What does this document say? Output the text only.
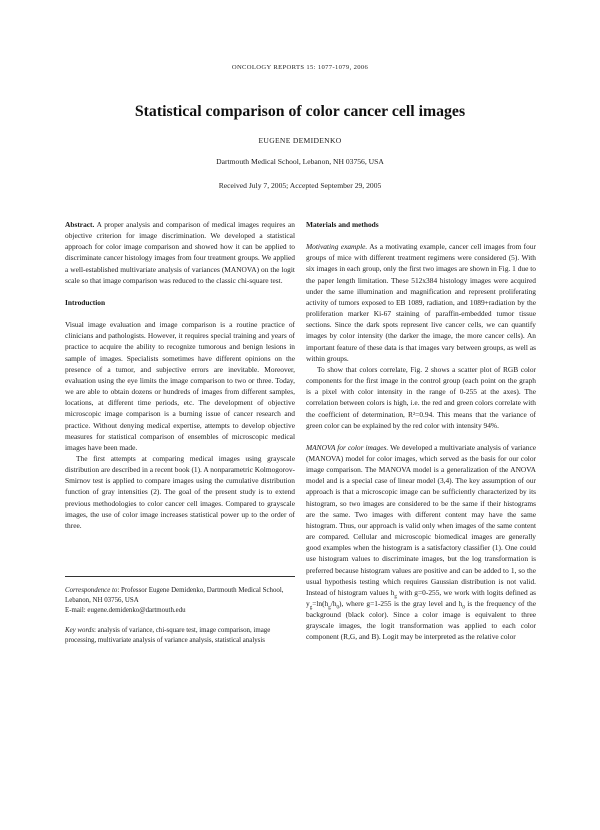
ONCOLOGY REPORTS 15: 1077-1079, 2006
Statistical comparison of color cancer cell images
EUGENE DEMIDENKO
Dartmouth Medical School, Lebanon, NH 03756, USA
Received July 7, 2005; Accepted September 29, 2005

Abstract. A proper analysis and comparison of medical images requires an objective criterion for image discrimination. We developed a statistical approach for color image comparison and showed how it can be applied to discriminate cancer histology images from four treatment groups. We applied a well-established multivariate analysis of variances (MANOVA) on the logit scale so that image comparison was reduced to the classic chi-square test.

Introduction

Visual image evaluation and image comparison is a routine practice of clinicians and pathologists. However, it requires special training and years of practice to acquire the ability to recognize tumorous and benign lesions in sample of images. Specialists sometimes have different opinions on the presence of a tumor, and subjective errors are inevitable. Moreover, evaluation using the eye limits the image comparison to two or three. Today, we are able to obtain dozens or hundreds of images from different samples, locations, at different time periods, etc. The development of objective microscopic image comparison is a burning issue of cancer research and practice. Without denying medical expertise, attempts to develop objective measures for statistical comparison of ensembles of microscopic medical images have been made.

The first attempts at comparing medical images using grayscale distribution are described in a recent book (1). A nonparametric Kolmogorov-Smirnov test is applied to compare images using the cumulative distribution function of gray intensities (2). The goal of the present study is to extend previous methodologies to color cancer cell images. Compared to grayscale images, the use of color image increases statistical power up to the order of three.

Correspondence to: Professor Eugene Demidenko, Dartmouth Medical School, Lebanon, NH 03756, USA
E-mail: eugene.demidenko@dartmouth.edu

Key words: analysis of variance, chi-square test, image comparison, image processing, multivariate analysis of variance analysis, statistical analysis

Materials and methods

Motivating example. As a motivating example, cancer cell images from four groups of mice with different treatment regimens were considered (5). With six images in each group, only the first two images are shown in Fig. 1 due to the paper length limitation. These 512x384 histology images were acquired under the same illumination and magnification and represent proliferating activity of tumors exposed to EB 1089, radiation, and 1089+radiation by the proliferation marker Ki-67 staining of paraffin-embedded tumor tissue sections. Since the dark spots represent live cancer cells, we can quantify images by color intensity (the darker the image, the more cancer cells). An important feature of these data is that images vary between groups, as well as within groups.

To show that colors correlate, Fig. 2 shows a scatter plot of RGB color components for the first image in the control group (each point on the graph is a pixel with color intensity in the range of 0-255 at the axes). The correlation between colors is high, i.e. the red and green colors correlate with the coefficient of determination, R²=0.94. This means that the variance of green color can be explained by the red color with intensity 94%.

MANOVA for color images. We developed a multivariate analysis of variance (MANOVA) model for color images, which served as the basis for our color image comparison. The MANOVA model is a generalization of the ANOVA model and is a special case of linear model (3,4). The key assumption of our approach is that a microscopic image can be sufficiently characterized by its histogram, so two images are considered to be the same if their histograms are the same. Two images with different content may have the same histogram. Thus, our approach is valid only when images of the same content are compared. Cellular and microscopic biomedical images are generally good examples when the histogram is a satisfactory classifier (1). One could use histogram values to discriminate images, but the log transformation is preferred because histogram values are positive and can be added to 1, so the usual hypothesis testing which requires Gaussian distribution is not valid. Instead of histogram values $h_g$ with g=0-255, we work with logits defined as $y_g=\ln(h_g/h_0)$, where g=1-255 is the gray level and $h_0$ is the frequency of the background (black color). Since a color image is equivalent to three grayscale images, the logit transformation was applied to each color component (R,G, and B). Logit may be interpreted as the relative color
